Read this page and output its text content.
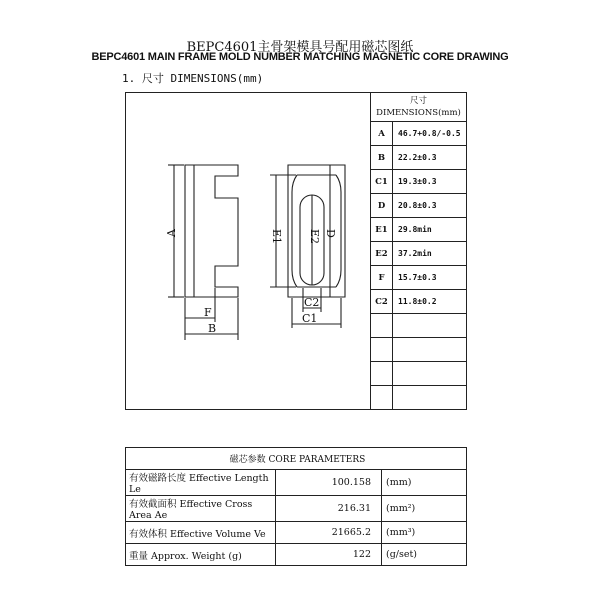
BEPC4601主骨架模具号配用磁芯图纸
BEPC4601 MAIN FRAME MOLD NUMBER MATCHING MAGNETIC CORE DRAWING
1. 尺寸 DIMENSIONS(mm)
A
F
B
E1 E2 D
C1
C2
尺寸
DIMENSIONS(mm)	
A	46.7+0.8/-0.5
B	22.2±0.3
C1	19.3±0.3
D	20.8±0.3
E1	29.8min
E2	37.2min
F	15.7±0.3
C2	11.8±0.2

磁芯参数 CORE PARAMETERS		
有效磁路长度 Effective Length Le	100.158	(mm)
有效截面积 Effective Cross Area Ae	216.31	(mm²)
有效体积 Effective Volume Ve	21665.2	(mm³)
重量 Approx. Weight (g)	122	(g/set)
